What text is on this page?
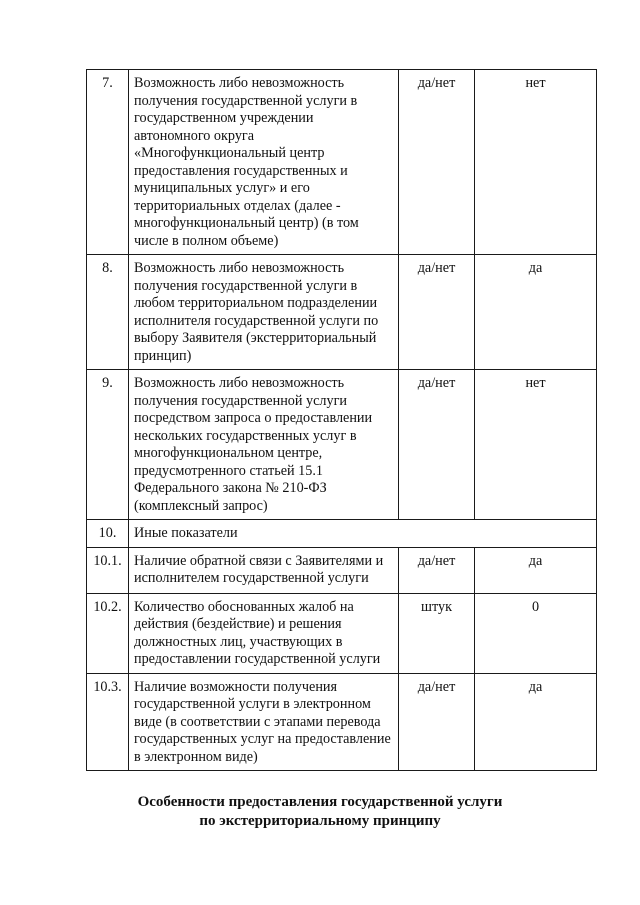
7.	Возможность либо невозможность получения государственной услуги в государственном учреждении автономного округа «Многофункциональный центр предоставления государственных и муниципальных услуг» и его территориальных отделах (далее - многофункциональный центр) (в том числе в полном объеме)	да/нет	нет
8.	Возможность либо невозможность получения государственной услуги в любом территориальном подразделении исполнителя государственной услуги по выбору Заявителя (экстерриториальный принцип)	да/нет	да
9.	Возможность либо невозможность получения государственной услуги посредством запроса о предоставлении нескольких государственных услуг в многофункциональном центре, предусмотренного статьей 15.1 Федерального закона № 210-ФЗ (комплексный запрос)	да/нет	нет
10.	Иные показатели		
10.1.	Наличие обратной связи с Заявителями и исполнителем государственной услуги	да/нет	да
10.2.	Количество обоснованных жалоб на действия (бездействие) и решения должностных лиц, участвующих в предоставлении государственной услуги	штук	0
10.3.	Наличие возможности получения государственной услуги в электронном виде (в соответствии с этапами перевода государственных услуг на предоставление в электронном виде)	да/нет	да
Особенности предоставления государственной услуги
по экстерриториальному принципу
